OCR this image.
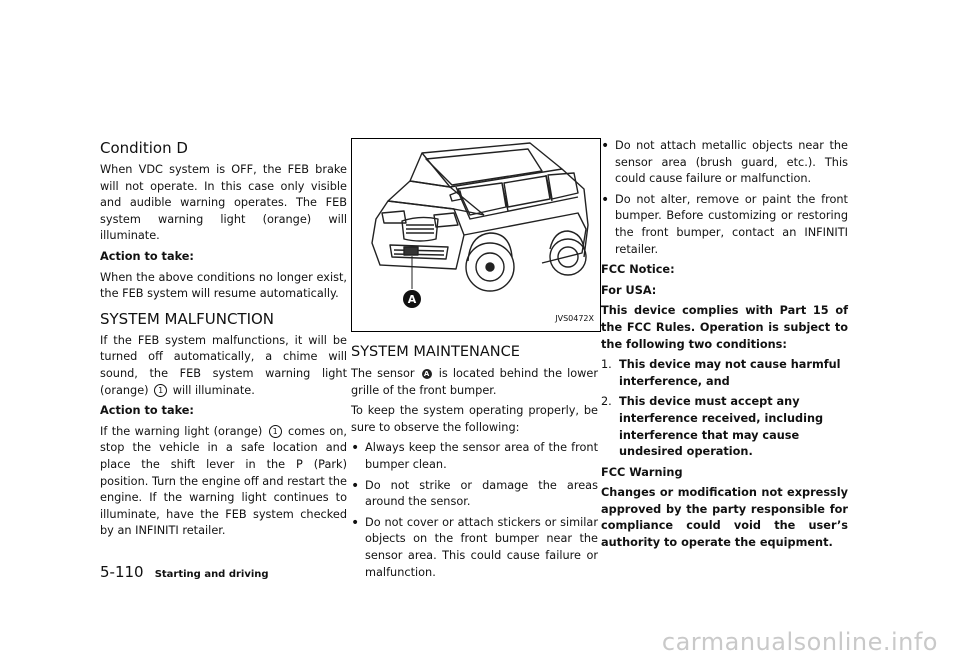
Condition D

When VDC system is OFF, the FEB brake will not operate. In this case only visible and audible warning operates. The FEB system warning light (orange) will illuminate.

Action to take:

When the above conditions no longer exist, the FEB system will resume automatically.

SYSTEM MALFUNCTION

If the FEB system malfunctions, it will be turned off automatically, a chime will sound, the FEB system warning light (orange) 1 will illuminate.

Action to take:

If the warning light (orange) 1 comes on, stop the vehicle in a safe location and place the shift lever in the P (Park) position. Turn the engine off and restart the engine. If the warning light continues to illuminate, have the FEB system checked by an INFINITI retailer.

A
JVS0472X
SYSTEM MAINTENANCE

The sensor A is located behind the lower grille of the front bumper.

To keep the system operating properly, be sure to observe the following:

• Always keep the sensor area of the front bumper clean.
• Do not strike or damage the areas around the sensor.
• Do not cover or attach stickers or similar objects on the front bumper near the sensor area. This could cause failure or malfunction.
• Do not attach metallic objects near the sensor area (brush guard, etc.). This could cause failure or malfunction.
• Do not alter, remove or paint the front bumper. Before customizing or restoring the front bumper, contact an INFINITI retailer.

FCC Notice:

For USA:

This device complies with Part 15 of the FCC Rules. Operation is subject to the following two conditions:

1. This device may not cause harmful interference, and
2. This device must accept any interference received, including interference that may cause undesired operation.

FCC Warning

Changes or modification not expressly approved by the party responsible for compliance could void the user’s authority to operate the equipment.

5-110 Starting and driving
carmanualsonline.info
